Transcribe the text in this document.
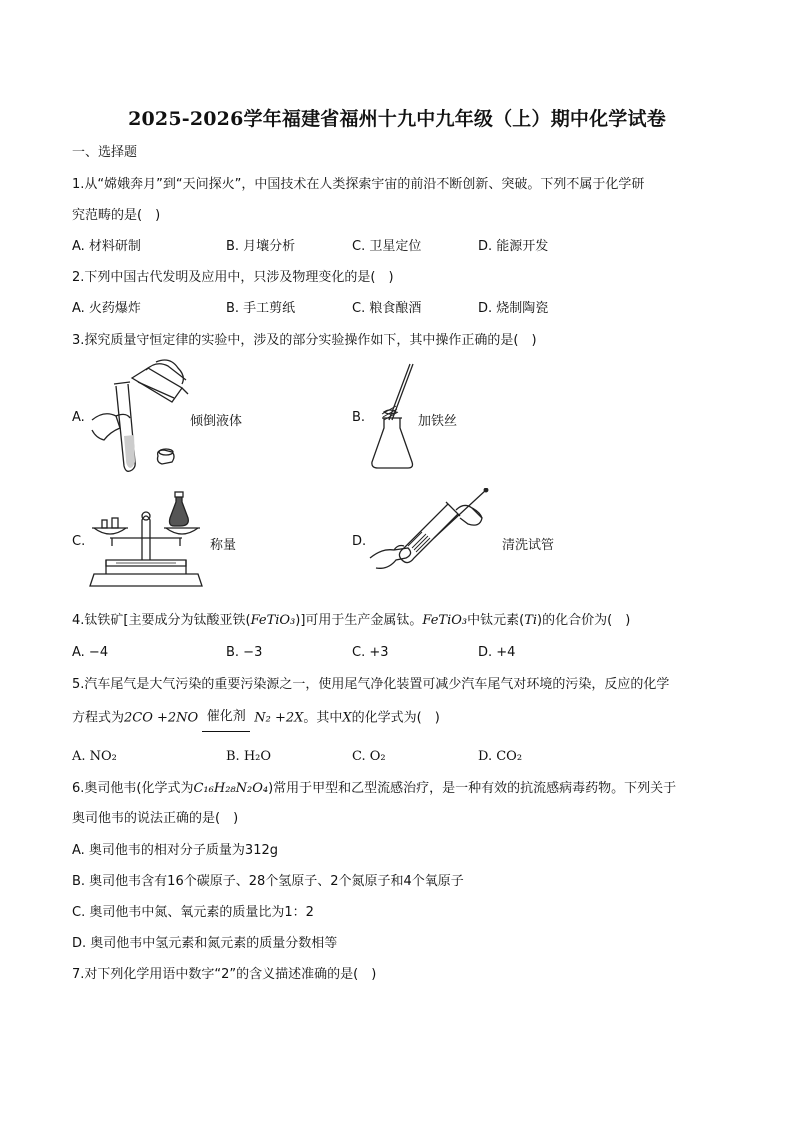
2025-2026学年福建省福州十九中九年级（上）期中化学试卷
一、选择题
1.从“嫦娥奔月”到“天问探火”，中国技术在人类探索宇宙的前沿不断创新、突破。下列不属于化学研
究范畴的是(　)
A. 材料研制	B. 月壤分析	C. 卫星定位	D. 能源开发
2.下列中国古代发明及应用中，只涉及物理变化的是(　)
A. 火药爆炸	B. 手工剪纸	C. 粮食酿酒	D. 烧制陶瓷
3.探究质量守恒定律的实验中，涉及的部分实验操作如下，其中操作正确的是(　)
A.	倾倒液体	B.	加铁丝
C.	称量	D.	清洗试管
4.钛铁矿[主要成分为钛酸亚铁(FeTiO₃)]可用于生产金属钛。FeTiO₃中钛元素(Ti)的化合价为(　)
A. −4	B. −3	C. +3	D. +4
5.汽车尾气是大气污染的重要污染源之一，使用尾气净化装置可减少汽车尾气对环境的污染，反应的化学
方程式为2CO +2NO 催化剂 N₂ +2X。其中X的化学式为(　)
A. NO₂	B. H₂O	C. O₂	D. CO₂
6.奥司他韦(化学式为C₁₆H₂₈N₂O₄)常用于甲型和乙型流感治疗，是一种有效的抗流感病毒药物。下列关于
奥司他韦的说法正确的是(　)
A. 奥司他韦的相对分子质量为312g
B. 奥司他韦含有16个碳原子、28个氢原子、2个氮原子和4个氧原子
C. 奥司他韦中氮、氧元素的质量比为1：2
D. 奥司他韦中氢元素和氮元素的质量分数相等
7.对下列化学用语中数字“2”的含义描述准确的是(　)
